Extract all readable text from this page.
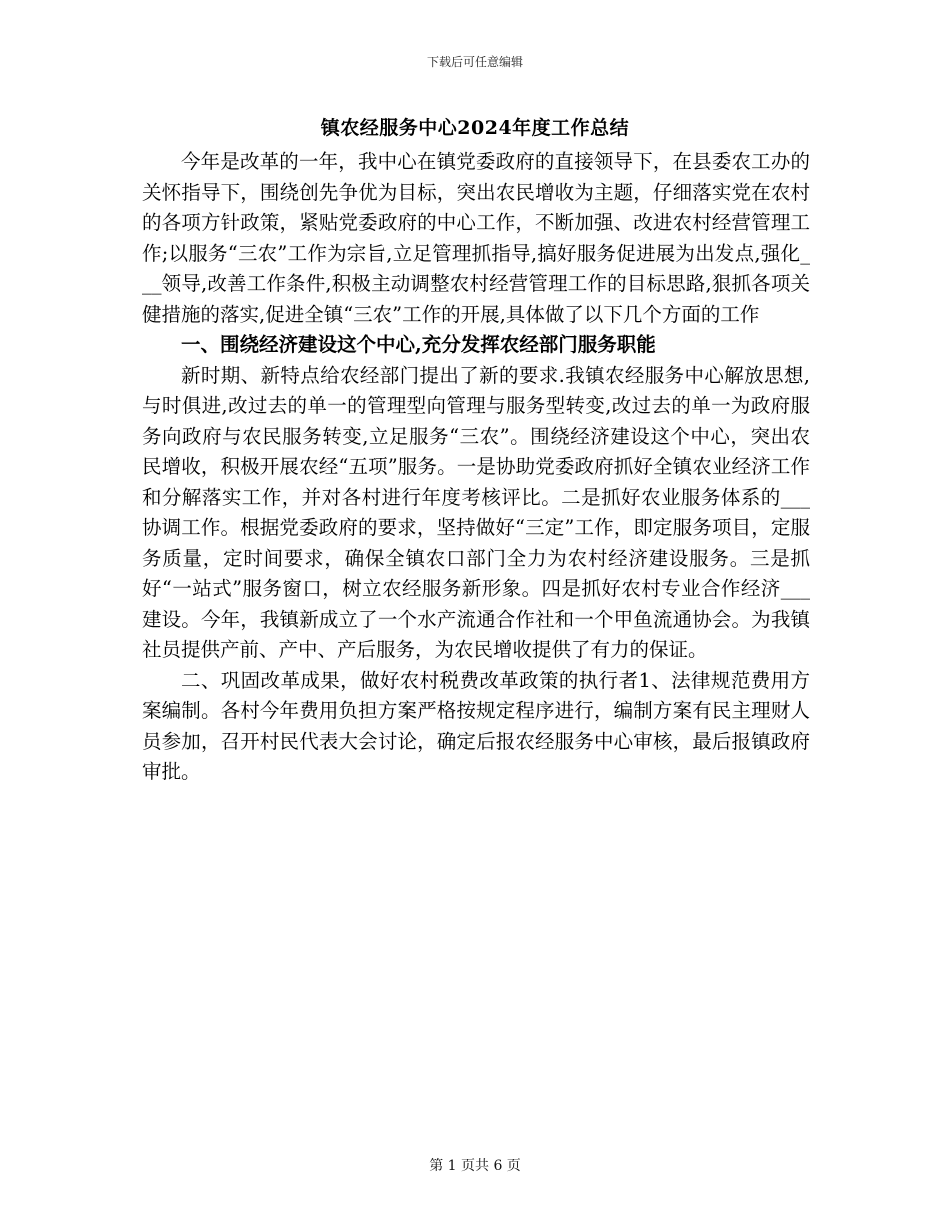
下载后可任意编辑
镇农经服务中心2024年度工作总结

今年是改革的一年，我中心在镇党委政府的直接领导下，在县委农工办的关怀指导下，围绕创先争优为目标，突出农民增收为主题，仔细落实党在农村的各项方针政策，紧贴党委政府的中心工作，不断加强、改进农村经营管理工作;以服务“三农”工作为宗旨,立足管理抓指导,搞好服务促进展为出发点,强化___领导,改善工作条件,积极主动调整农村经营管理工作的目标思路,狠抓各项关健措施的落实,促进全镇“三农”工作的开展,具体做了以下几个方面的工作

一、围绕经济建设这个中心,充分发挥农经部门服务职能

新时期、新特点给农经部门提出了新的要求.我镇农经服务中心解放思想,与时俱进,改过去的单一的管理型向管理与服务型转变,改过去的单一为政府服务向政府与农民服务转变,立足服务“三农”。围绕经济建设这个中心，突出农民增收，积极开展农经“五项”服务。一是协助党委政府抓好全镇农业经济工作和分解落实工作，并对各村进行年度考核评比。二是抓好农业服务体系的___协调工作。根据党委政府的要求，坚持做好“三定”工作，即定服务项目，定服务质量，定时间要求，确保全镇农口部门全力为农村经济建设服务。三是抓好“一站式”服务窗口，树立农经服务新形象。四是抓好农村专业合作经济___建设。今年，我镇新成立了一个水产流通合作社和一个甲鱼流通协会。为我镇社员提供产前、产中、产后服务，为农民增收提供了有力的保证。

二、巩固改革成果，做好农村税费改革政策的执行者1、法律规范费用方案编制。各村今年费用负担方案严格按规定程序进行，编制方案有民主理财人员参加，召开村民代表大会讨论，确定后报农经服务中心审核，最后报镇政府审批。

第 1 页共 6 页
